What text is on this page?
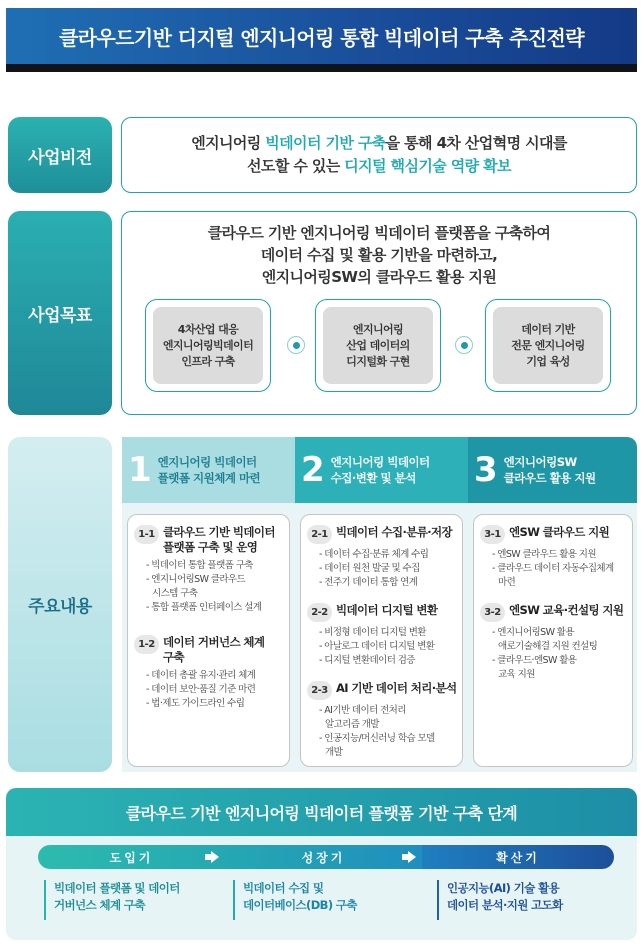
클라우드기반 디지털 엔지니어링 통합 빅데이터 구축 추진전략
사업비전
엔지니어링 빅데이터 기반 구축을 통해 4차 산업혁명 시대를
선도할 수 있는 디지털 핵심기술 역량 확보
사업목표
클라우드 기반 엔지니어링 빅데이터 플랫폼을 구축하여
데이터 수집 및 활용 기반을 마련하고,
엔지니어링SW의 클라우드 활용 지원
4차산업 대응
엔지니어링빅데이터
인프라 구축
엔지니어링
산업 데이터의
디지털화 구현
데이터 기반
전문 엔지니어링
기업 육성
주요내용
1 엔지니어링 빅데이터
플랫폼 지원체계 마련 2 엔지니어링 빅데이터
수집·변환 및 분석	3 엔지니어링SW
클라우드 활용 지원
1-1 클라우드 기반 빅데이터
플랫폼 구축 및 운영
- 빅데이터 통합 플랫폼 구축
- 엔지니어링SW 클라우드
시스템 구축
- 통합 플랫폼 인터페이스 설계
1-2 데이터 거버넌스 체계
구축
- 데이터 총괄 유지·관리 체계
- 데이터 보안·품질 기준 마련
- 법·제도 가이드라인 수립
2-1 빅데이터 수집·분류·저장
- 데이터 수집·분류 체계 수립
- 데이터 원천 발굴 및 수집
- 전주기 데이터 통합 연계
2-2 빅데이터 디지털 변환
- 비정형 데이터 디지털 변환
- 아날로그 데이터 디지털 변환
- 디지털 변환데이터 검증
2-3 AI 기반 데이터 처리·분석
- AI기반 데이터 전처리
알고리즘 개발
- 인공지능/머신러닝 학습 모델
개발
3-1 엔SW 클라우드 지원
- 엔SW 클라우드 활용 지원
- 클라우드 데이터 자동수집체계
마련
3-2 엔SW 교육·컨설팅 지원
- 엔지니어링SW 활용
애로기술해결 지원 컨설팅
- 클라우드·엔SW 활용
교육 지원
클라우드 기반 엔지니어링 빅데이터 플랫폼 기반 구축 단계
도입기	성장기	확산기
빅데이터 플랫폼 및 데이터
거버넌스 체계 구축
빅데이터 수집 및
데이터베이스(DB) 구축
인공지능(AI) 기술 활용
데이터 분석·지원 고도화
